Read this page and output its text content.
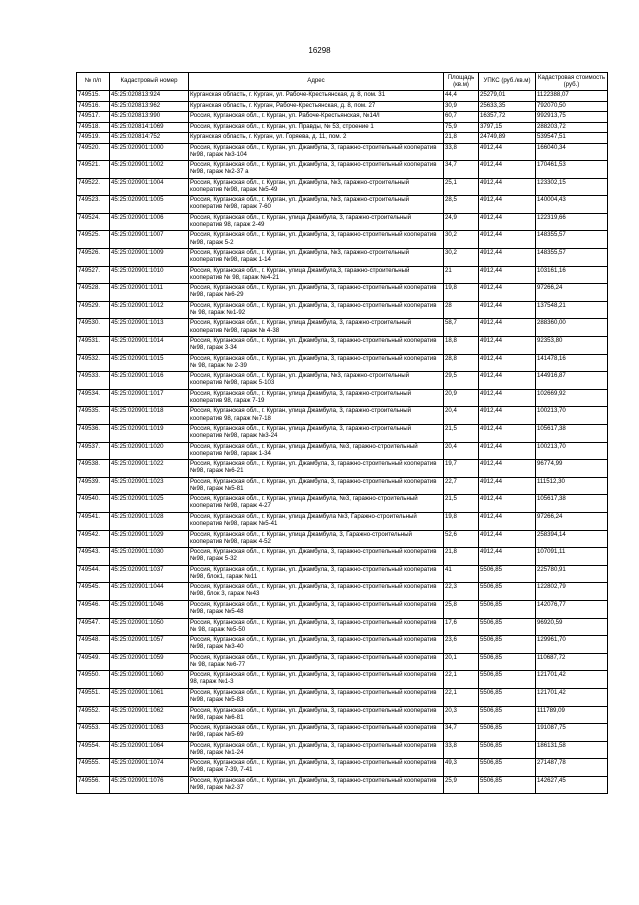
16298
№ п/п	Кадастровый номер	Адрес	Площадь (кв.м)	УПКС (руб./кв.м)	Кадастровая стоимость (руб.)
749515.	45:25:020813:924	Курганская область, г. Курган, ул. Рабоче-Крестьянская, д. 8, пом. 31	44,4	25279,01	1122388,07
749516.	45:25:020813:962	Курганская область, г. Курган, Рабоче-Крестьянская, д. 8, пом. 27	30,9	25633,35	792070,50
749517.	45:25:020813:990	Россия, Курганская обл., г. Курган, ул. Рабоче-Крестьянская, №14/I	60,7	16357,72	992913,75
749518.	45:25:020814:1069	Россия, Курганская обл., г. Курган, ул. Правды, № 53, строение 1	75,9	3797,15	288203,72
749519.	45:25:020814:752	Курганская область, г. Курган, ул. Горяева, д. 11, пом. 2	21,8	24749,89	539547,51
749520.	45:25:020901:1000	Россия, Курганская обл., г. Курган, ул. Джамбула, 3, гаражно-строительный кооператив №98, гараж №3-104	33,8	4912,44	166040,34
749521.	45:25:020901:1002	Россия, Курганская обл., г. Курган, ул. Джамбула, 3, гаражно-строительный кооператив №98, гараж №2-37 а	34,7	4912,44	170461,53
749522.	45:25:020901:1004	Россия, Курганская обл., г. Курган, ул. Джамбула, №3, гаражно-строительный кооператив №98, гараж №5-49	25,1	4912,44	123302,15
749523.	45:25:020901:1005	Россия, Курганская обл., г. Курган, ул. Джамбула, №3, гаражно-строительный кооператив №98, гараж 7-60	28,5	4912,44	140004,43
749524.	45:25:020901:1006	Россия, Курганская обл., г. Курган, улица Джамбула, 3, гаражно-строительный кооператив 98, гараж 2-49	24,9	4912,44	122319,66
749525.	45:25:020901:1007	Россия, Курганская обл., г. Курган, ул. Джамбула, 3, гаражно-строительный кооператив №98, гараж 5-2	30,2	4912,44	148355,57
749526.	45:25:020901:1009	Россия, Курганская обл., г. Курган, ул. Джамбула, №3, гаражно-строительный кооператив №98, гараж 1-14	30,2	4912,44	148355,57
749527.	45:25:020901:1010	Россия, Курганская обл., г. Курган, улица Джамбула,3, гаражно-строительный кооператив № 98, гараж №4-21	21	4912,44	103161,16
749528.	45:25:020901:1011	Россия, Курганская обл., г. Курган, ул. Джамбула, 3, гаражно-строительный кооператив №98, гараж №6-29	19,8	4912,44	97266,24
749529.	45:25:020901:1012	Россия, Курганская обл., г. Курган, ул. Джамбула, 3, гаражно-строительный кооператив № 98, гараж №1-92	28	4912,44	137548,21
749530.	45:25:020901:1013	Россия, Курганская обл., г. Курган, улица Джамбула, 3, гаражно-строительный кооператив №98, гараж № 4-38	58,7	4912,44	288360,00
749531.	45:25:020901:1014	Россия, Курганская обл., г. Курган, ул. Джамбула, 3, гаражно-строительный кооператив №98, гараж 3-34	18,8	4912,44	92353,80
749532.	45:25:020901:1015	Россия, Курганская обл., г. Курган, ул. Джамбула, 3, гаражно-строительный кооператив № 98, гараж № 2-39	28,8	4912,44	141478,16
749533.	45:25:020901:1016	Россия, Курганская обл., г. Курган, ул. Джамбула, №3, гаражно-строительный кооператив №98, гараж 5-103	29,5	4912,44	144916,87
749534.	45:25:020901:1017	Россия, Курганская обл., г. Курган, улица Джамбула, 3, гаражно-строительный кооператив 98, гараж 7-19	20,9	4912,44	102669,92
749535.	45:25:020901:1018	Россия, Курганская обл., г. Курган, улица Джамбула, 3, гаражно-строительный кооператив 98, гараж №7-18	20,4	4912,44	100213,70
749536.	45:25:020901:1019	Россия, Курганская обл., г. Курган, улица Джамбула, 3, гаражно-строительный кооператив №98, гараж №3-24	21,5	4912,44	105617,38
749537.	45:25:020901:1020	Россия, Курганская обл., г. Курган, улица Джамбула, №3, гаражно-строительный кооператив №98, гараж 1-34	20,4	4912,44	100213,70
749538.	45:25:020901:1022	Россия, Курганская обл., г. Курган, ул. Джамбула, 3, гаражно-строительный кооператив №98, гараж №6-21	19,7	4912,44	96774,99
749539.	45:25:020901:1023	Россия, Курганская обл., г. Курган, ул. Джамбула, 3, гаражно-строительный кооператив №98, гараж №5-81	22,7	4912,44	111512,30
749540.	45:25:020901:1025	Россия, Курганская обл., г. Курган, улица Джамбула, №3, гаражно-строительный кооператив №98, гараж 4-27	21,5	4912,44	105617,38
749541.	45:25:020901:1028	Россия, Курганская обл., г. Курган, улица Джамбула №3, Гаражно-строительный кооператив №98, гараж №5-41	19,8	4912,44	97266,24
749542.	45:25:020901:1029	Россия, Курганская обл., г. Курган, улица Джамбула, 3, Гаражно-строительный кооператив №98, гараж 4-52	52,6	4912,44	258394,14
749543.	45:25:020901:1030	Россия, Курганская обл., г. Курган, ул. Джамбула, 3, гаражно-строительный кооператив №98, гараж 5-32	21,8	4912,44	107091,11
749544.	45:25:020901:1037	Россия, Курганская обл., г. Курган, ул. Джамбула, 3, гаражно-строительный кооператив №98, блок1, гараж №11	41	5506,85	225780,91
749545.	45:25:020901:1044	Россия, Курганская обл., г. Курган, ул. Джамбула, 3, гаражно-строительный кооператив №98, блок 3, гараж №43	22,3	5506,85	122802,79
749546.	45:25:020901:1046	Россия, Курганская обл., г. Курган, ул. Джамбула, 3, гаражно-строительный кооператив №98, гараж №5-48	25,8	5506,85	142076,77
749547.	45:25:020901:1050	Россия, Курганская обл., г. Курган, ул. Джамбула, 3, гаражно-строительный кооператив № 98, гараж №5-50	17,6	5506,85	96920,59
749548.	45:25:020901:1057	Россия, Курганская обл., г. Курган, ул. Джамбула, 3, гаражно-строительный кооператив №98, гараж №3-40	23,6	5506,85	129961,70
749549.	45:25:020901:1059	Россия, Курганская обл., г. Курган, ул. Джамбула, 3, гаражно-строительный кооператив № 98, гараж №6-77	20,1	5506,85	110687,72
749550.	45:25:020901:1060	Россия, Курганская обл., г. Курган, ул. Джамбула, 3, гаражно-строительный кооператив 98, гараж №1-3	22,1	5506,85	121701,42
749551.	45:25:020901:1061	Россия, Курганская обл., г. Курган, ул. Джамбула, 3, гаражно-строительный кооператив №98, гараж №5-83	22,1	5506,85	121701,42
749552.	45:25:020901:1062	Россия, Курганская обл., г. Курган, ул. Джамбула, 3, гаражно-строительный кооператив №98, гараж №6-81	20,3	5506,85	111789,09
749553.	45:25:020901:1063	Россия, Курганская обл., г. Курган, ул. Джамбула, 3, гаражно-строительный кооператив №98, гараж №5-69	34,7	5506,85	191087,75
749554.	45:25:020901:1064	Россия, Курганская обл., г. Курган, ул. Джамбула, 3, гаражно-строительный кооператив №98, гараж №1-24	33,8	5506,85	186131,58
749555.	45:25:020901:1074	Россия, Курганская обл., г. Курган, ул. Джамбула, 3, гаражно-строительный кооператив №98, гараж 7-39, 7-41	49,3	5506,85	271487,78
749556.	45:25:020901:1076	Россия, Курганская обл., г. Курган, ул. Джамбула, 3, гаражно-строительный кооператив №98, гараж №2-37	25,9	5506,85	142627,45
